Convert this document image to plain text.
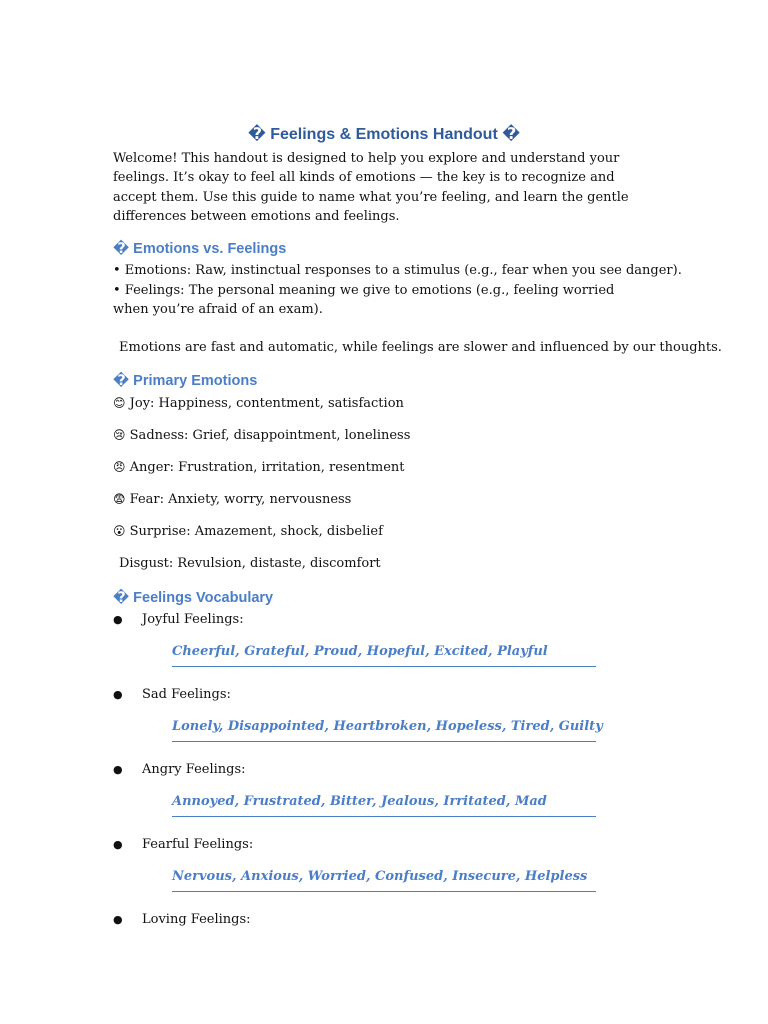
� Feelings & Emotions Handout �
Welcome! This handout is designed to help you explore and understand your feelings. It’s okay to feel all kinds of emotions — the key is to recognize and accept them. Use this guide to name what you’re feeling, and learn the gentle differences between emotions and feelings.
� Emotions vs. Feelings
• Emotions: Raw, instinctual responses to a stimulus (e.g., fear when you see danger).
• Feelings: The personal meaning we give to emotions (e.g., feeling worried when you’re afraid of an exam).
Emotions are fast and automatic, while feelings are slower and influenced by our thoughts.
� Primary Emotions
😊 Joy: Happiness, contentment, satisfaction
😢 Sadness: Grief, disappointment, loneliness
😠 Anger: Frustration, irritation, resentment
😨 Fear: Anxiety, worry, nervousness
😮 Surprise: Amazement, shock, disbelief
Disgust: Revulsion, distaste, discomfort
� Feelings Vocabulary
● Joyful Feelings:
Cheerful, Grateful, Proud, Hopeful, Excited, Playful
● Sad Feelings:
Lonely, Disappointed, Heartbroken, Hopeless, Tired, Guilty
● Angry Feelings:
Annoyed, Frustrated, Bitter, Jealous, Irritated, Mad
● Fearful Feelings:
Nervous, Anxious, Worried, Confused, Insecure, Helpless
● Loving Feelings:
